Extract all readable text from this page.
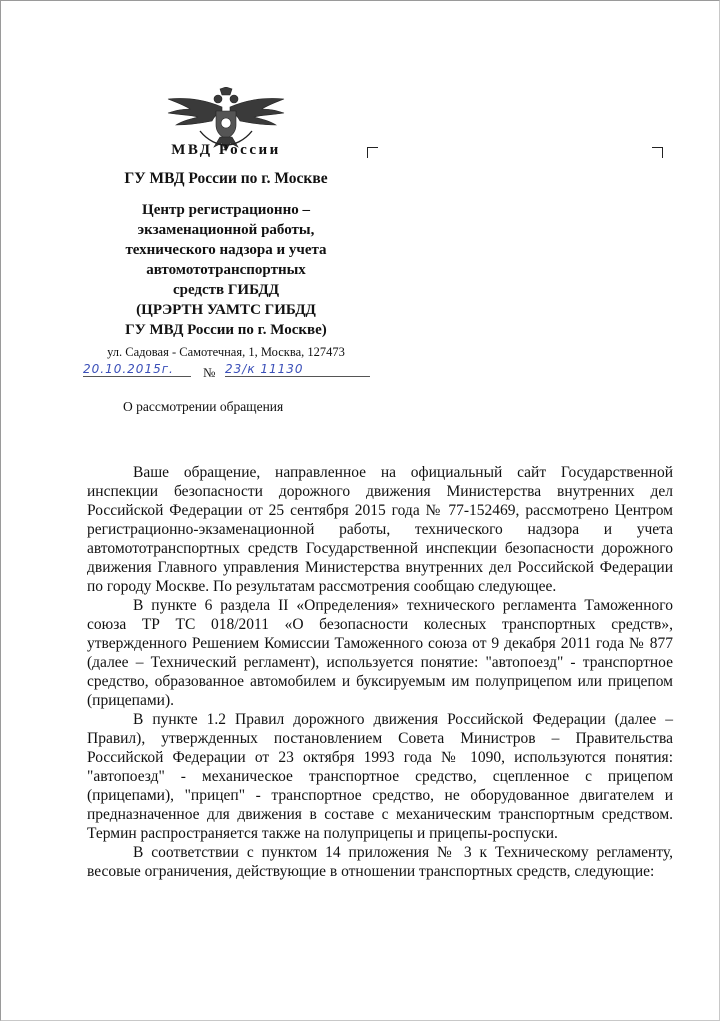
МВД России
ГУ МВД России по г. Москве
Центр регистрационно –
экзаменационной работы,
технического надзора и учета
автомототранспортных
средств ГИБДД
(ЦРЭРТН УАМТС ГИБДД
ГУ МВД России по г. Москве)
ул. Садовая - Самотечная, 1, Москва, 127473
20.10.2015г.	№ 23/к 11130
О рассмотрении обращения

Ваше обращение, направленное на официальный сайт Государственной инспекции безопасности дорожного движения Министерства внутренних дел Российской Федерации от 25 сентября 2015 года № 77-152469, рассмотрено Центром регистрационно-экзаменационной работы, технического надзора и учета автомототранспортных средств Государственной инспекции безопасности дорожного движения Главного управления Министерства внутренних дел Российской Федерации по городу Москве. По результатам рассмотрения сообщаю следующее.

В пункте 6 раздела II «Определения» технического регламента Таможенного союза ТР ТС 018/2011 «О безопасности колесных транспортных средств», утвержденного Решением Комиссии Таможенного союза от 9 декабря 2011 года № 877 (далее – Технический регламент), используется понятие: "автопоезд" - транспортное средство, образованное автомобилем и буксируемым им полуприцепом или прицепом (прицепами).

В пункте 1.2 Правил дорожного движения Российской Федерации (далее – Правил), утвержденных постановлением Совета Министров – Правительства Российской Федерации от 23 октября 1993 года № 1090, используются понятия: "автопоезд" - механическое транспортное средство, сцепленное с прицепом (прицепами), "прицеп" - транспортное средство, не оборудованное двигателем и предназначенное для движения в составе с механическим транспортным средством. Термин распространяется также на полуприцепы и прицепы-роспуски.

В соответствии с пунктом 14 приложения № 3 к Техническому регламенту, весовые ограничения, действующие в отношении транспортных средств, следующие:
